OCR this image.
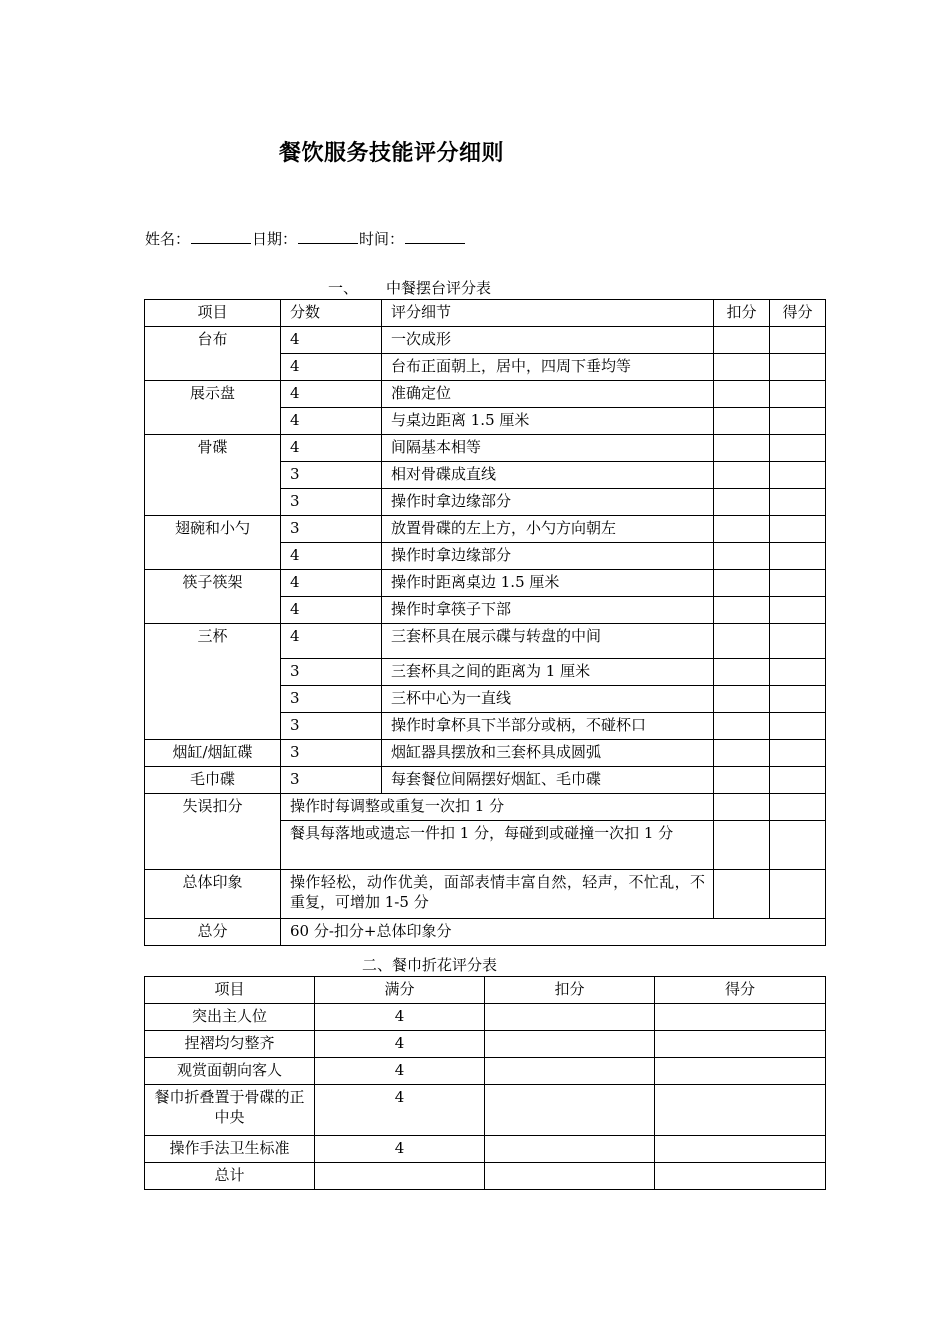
餐饮服务技能评分细则
姓名：	日期：	时间：
一、 中餐摆台评分表
项目	分数	评分细节	扣分	得分
台布	4	一次成形		
	4	台布正面朝上，居中，四周下垂均等		
展示盘	4	准确定位		
	4	与桌边距离 1.5 厘米		
骨碟	4	间隔基本相等		
	3	相对骨碟成直线		
	3	操作时拿边缘部分		
翅碗和小勺	3	放置骨碟的左上方，小勺方向朝左		
	4	操作时拿边缘部分		
筷子筷架	4	操作时距离桌边 1.5 厘米		
	4	操作时拿筷子下部		
三杯	4	三套杯具在展示碟与转盘的中间		
	3	三套杯具之间的距离为 1 厘米		
	3	三杯中心为一直线		
	3	操作时拿杯具下半部分或柄，不碰杯口		
烟缸/烟缸碟	3	烟缸器具摆放和三套杯具成圆弧		
毛巾碟	3	每套餐位间隔摆好烟缸、毛巾碟		
失误扣分	操作时每调整或重复一次扣 1 分			
	餐具每落地或遗忘一件扣 1 分，每碰到或碰撞一次扣 1 分			
总体印象	操作轻松，动作优美，面部表情丰富自然，轻声，不忙乱，不重复，可增加 1-5 分			
总分	60 分-扣分+总体印象分			
二、餐巾折花评分表
项目	满分	扣分	得分
突出主人位	4		
捏褶均匀整齐	4		
观赏面朝向客人	4		
餐巾折叠置于骨碟的正中央	4		
操作手法卫生标准	4		
总计			
